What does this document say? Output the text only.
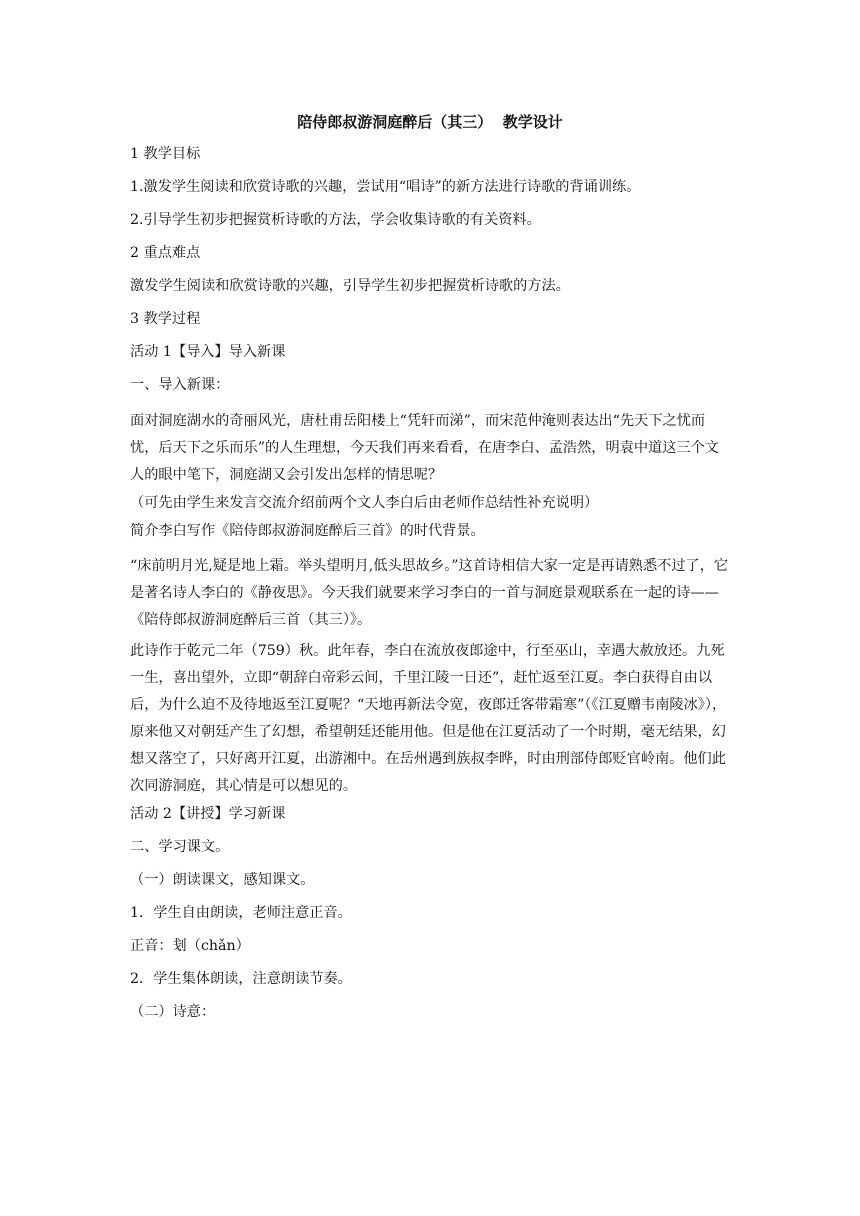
陪侍郎叔游洞庭醉后（其三）  教学设计

1 教学目标

1.激发学生阅读和欣赏诗歌的兴趣，尝试用“唱诗”的新方法进行诗歌的背诵训练。

2.引导学生初步把握赏析诗歌的方法，学会收集诗歌的有关资料。

2 重点难点

激发学生阅读和欣赏诗歌的兴趣，引导学生初步把握赏析诗歌的方法。

3 教学过程

活动 1【导入】导入新课

一、导入新课：

面对洞庭湖水的奇丽风光，唐杜甫岳阳楼上“凭轩而涕”，而宋范仲淹则表达出“先天下之忧而忧，后天下之乐而乐”的人生理想，今天我们再来看看，在唐李白、孟浩然，明袁中道这三个文人的眼中笔下，洞庭湖又会引发出怎样的情思呢？

（可先由学生来发言交流介绍前两个文人李白后由老师作总结性补充说明）

简介李白写作《陪侍郎叔游洞庭醉后三首》的时代背景。

“床前明月光,疑是地上霜。举头望明月,低头思故乡。”这首诗相信大家一定是再请熟悉不过了，它是著名诗人李白的《静夜思》。今天我们就要来学习李白的一首与洞庭景观联系在一起的诗——《陪侍郎叔游洞庭醉后三首（其三）》。

此诗作于乾元二年（759）秋。此年春，李白在流放夜郎途中，行至巫山，幸遇大赦放还。九死一生，喜出望外，立即“朝辞白帝彩云间，千里江陵一日还”，赶忙返至江夏。李白获得自由以后，为什么迫不及待地返至江夏呢？“天地再新法令宽，夜郎迁客带霜寒”（《江夏赠韦南陵冰》），原来他又对朝廷产生了幻想，希望朝廷还能用他。但是他在江夏活动了一个时期，毫无结果，幻想又落空了，只好离开江夏，出游湘中。在岳州遇到族叔李晔，时由刑部侍郎贬官岭南。他们此次同游洞庭，其心情是可以想见的。

活动 2【讲授】学习新课

二、学习课文。

（一）朗读课文，感知课文。

1．学生自由朗读，老师注意正音。

正音：刬（chǎn）

2．学生集体朗读，注意朗读节奏。

（二）诗意：
